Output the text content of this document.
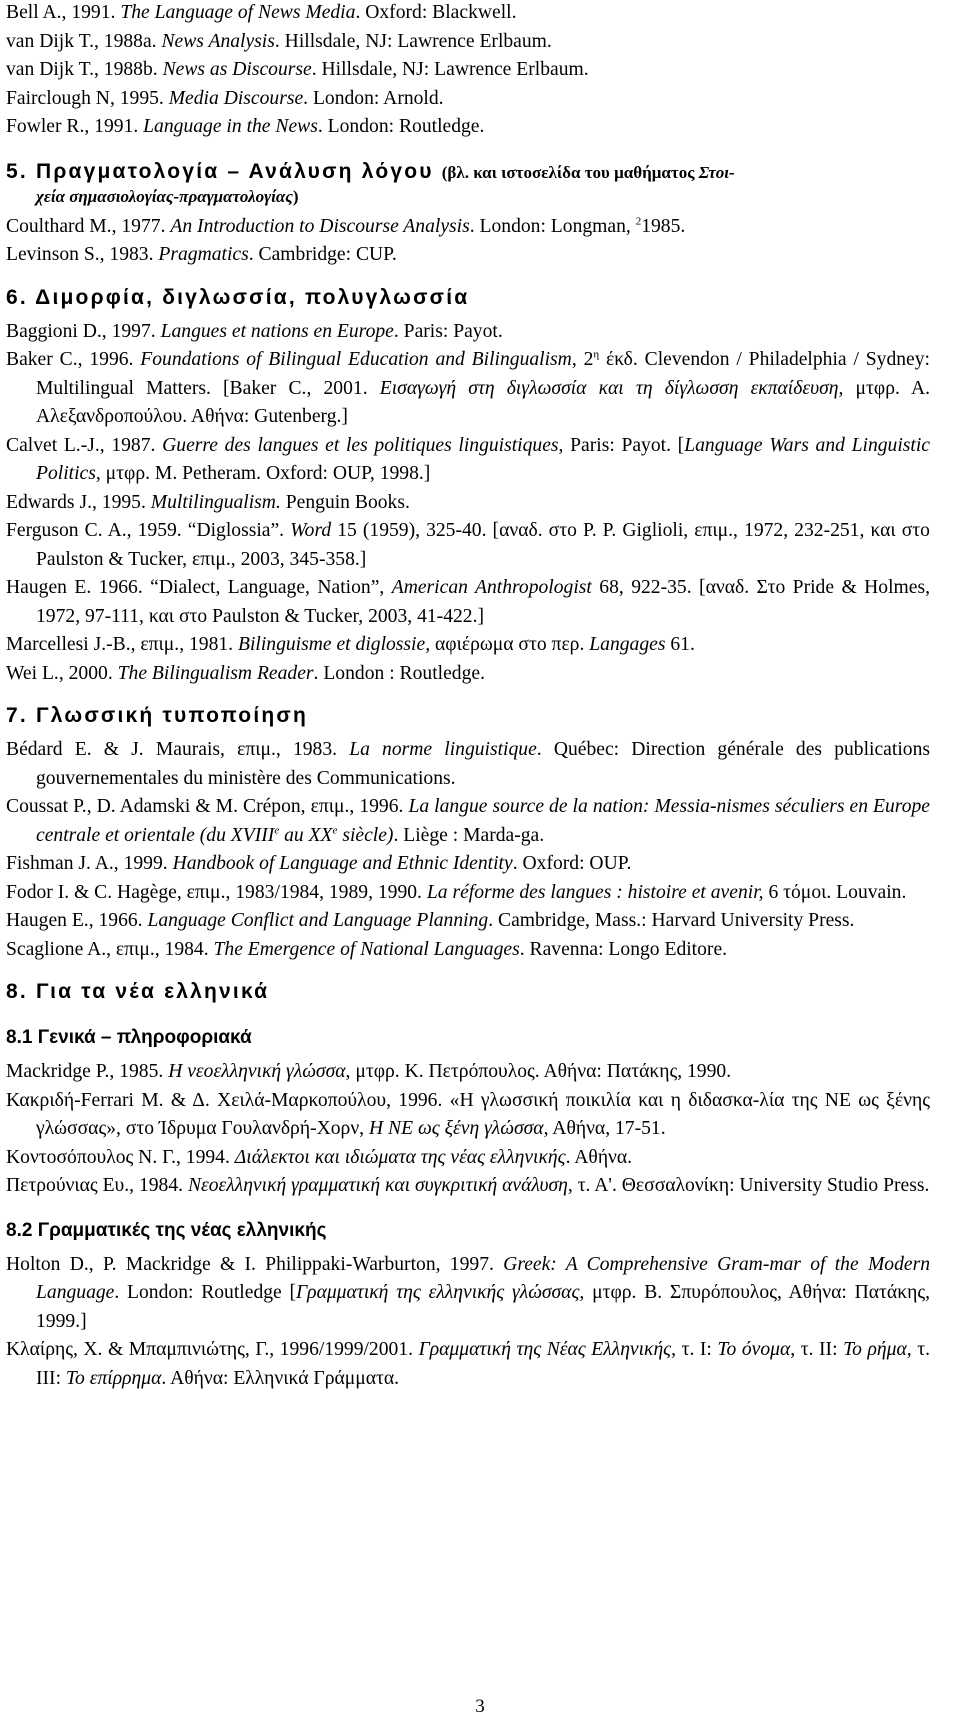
Bell A., 1991. The Language of News Media. Oxford: Blackwell.

van Dijk T., 1988a. News Analysis. Hillsdale, NJ: Lawrence Erlbaum.

van Dijk T., 1988b. News as Discourse. Hillsdale, NJ: Lawrence Erlbaum.

Fairclough N, 1995. Media Discourse. London: Arnold.

Fowler R., 1991. Language in the News. London: Routledge.

5. Πραγματολογία – Ανάλυση λόγου (βλ. και ιστοσελίδα του μαθήματος Στοι-

χεία σημασιολογίας-πραγματολογίας)

Coulthard M., 1977. An Introduction to Discourse Analysis. London: Longman, $^2$1985.

Levinson S., 1983. Pragmatics. Cambridge: CUP.

6. Διμορφία, διγλωσσία, πολυγλωσσία

Baggioni D., 1997. Langues et nations en Europe. Paris: Payot.

Baker C., 1996. Foundations of Bilingual Education and Bilingualism, $2^\eta$ έκδ. Clevendon / Philadelphia / Sydney: Multilingual Matters. [Baker C., 2001. Εισαγωγή στη διγλωσσία και τη δίγλωσση εκπαίδευση, μτφρ. Α. Αλεξανδροπούλου. Αθήνα: Gutenberg.]

Calvet L.-J., 1987. Guerre des langues et les politiques linguistiques, Paris: Payot. [Language Wars and Linguistic Politics, μτφρ. M. Petheram. Oxford: OUP, 1998.]

Edwards J., 1995. Multilingualism. Penguin Books.

Ferguson C. A., 1959. “Diglossia”. Word 15 (1959), 325-40. [αναδ. στο P. P. Giglioli, επιμ., 1972, 232-251, και στο Paulston & Tucker, επιμ., 2003, 345-358.]

Haugen E. 1966. “Dialect, Language, Nation”, American Anthropologist 68, 922-35. [αναδ. Στο Pride & Holmes, 1972, 97-111, και στο Paulston & Tucker, 2003, 41-422.]

Marcellesi J.-B., επιμ., 1981. Bilinguisme et diglossie, αφιέρωμα στο περ. Langages 61.

Wei L., 2000. The Bilingualism Reader. London : Routledge.

7. Γλωσσική τυποποίηση

Bédard E. & J. Maurais, επιμ., 1983. La norme linguistique. Québec: Direction générale des publications gouvernementales du ministère des Communications.

Coussat P., D. Adamski & M. Crépon, επιμ., 1996. La langue source de la nation: Messia-nismes séculiers en Europe centrale et orientale (du XVIIIe au XXe siècle). Liège : Marda-ga.

Fishman J. A., 1999. Handbook of Language and Ethnic Identity. Oxford: OUP.

Fodor I. & C. Hagège, επιμ., 1983/1984, 1989, 1990. La réforme des langues : histoire et avenir, 6 τόμοι. Louvain.

Haugen E., 1966. Language Conflict and Language Planning. Cambridge, Mass.: Harvard University Press.

Scaglione A., επιμ., 1984. The Emergence of National Languages. Ravenna: Longo Editore.

8. Για τα νέα ελληνικά

8.1 Γενικά – πληροφοριακά

Mackridge P., 1985. Η νεοελληνική γλώσσα, μτφρ. Κ. Πετρόπουλος. Αθήνα: Πατάκης, 1990.

Κακριδή-Ferrari Μ. & Δ. Χειλά-Μαρκοπούλου, 1996. «Η γλωσσική ποικιλία και η διδασκα-λία της ΝΕ ως ξένης γλώσσας», στο Ίδρυμα Γουλανδρή-Χορν, Η ΝΕ ως ξένη γλώσσα, Αθήνα, 17-51.

Κοντοσόπουλος Ν. Γ., 1994. Διάλεκτοι και ιδιώματα της νέας ελληνικής. Αθήνα.

Πετρούνιας Ευ., 1984. Νεοελληνική γραμματική και συγκριτική ανάλυση, τ. Α'. Θεσσαλονίκη: University Studio Press.

8.2 Γραμματικές της νέας ελληνικής

Holton D., P. Mackridge & I. Philippaki-Warburton, 1997. Greek: A Comprehensive Gram-mar of the Modern Language. London: Routledge [Γραμματική της ελληνικής γλώσσας, μτφρ. Β. Σπυρόπουλος, Αθήνα: Πατάκης, 1999.]

Κλαίρης, Χ. & Μπαμπινιώτης, Γ., 1996/1999/2001. Γραμματική της Νέας Ελληνικής, τ. Ι: Το όνομα, τ. ΙΙ: Το ρήμα, τ. ΙΙΙ: Το επίρρημα. Αθήνα: Ελληνικά Γράμματα.

3
